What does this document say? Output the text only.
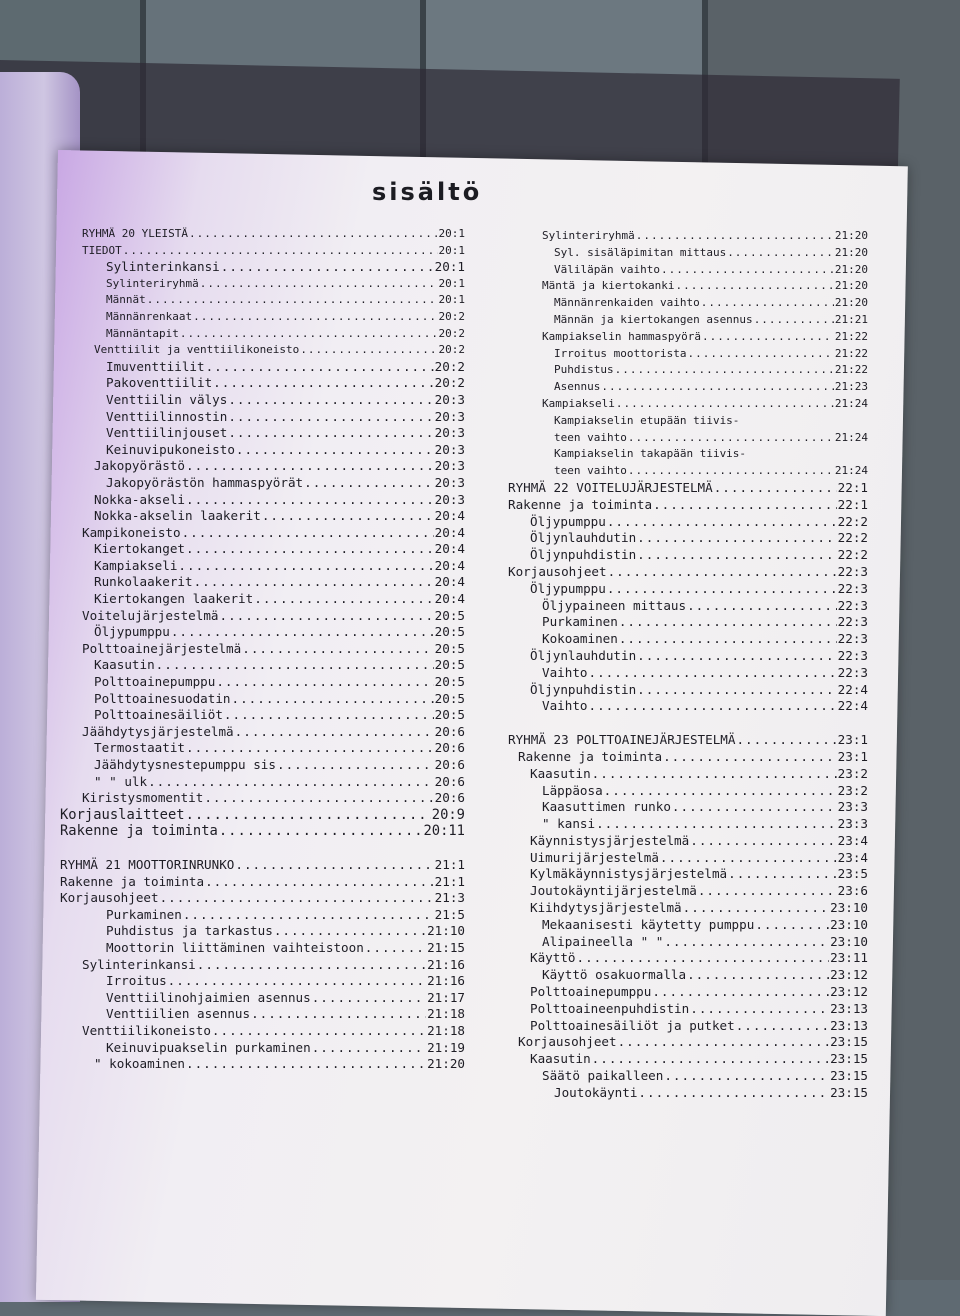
sisältö
RYHMÄ 20 YLEISTÄ .....	20:1
TIEDOT .....	20:1
Sylinterinkansi .....	20:1
Sylinteriryhmä .....	20:1
Männät .....	20:1
Männänrenkaat .....	20:2
Männäntapit .....	20:2
Venttiilit ja venttiilikoneisto .....	20:2
Imuventtiilit .....	20:2
Pakoventtiilit .....	20:2
Venttiilin välys .....	20:3
Venttiilinnostin .....	20:3
Venttiilinjouset .....	20:3
Keinuvipukoneisto .....	20:3
Jakopyörästö .....	20:3
Jakopyörästön hammaspyörät .....	20:3
Nokka-akseli .....	20:3
Nokka-akselin laakerit .....	20:4
Kampikoneisto .....	20:4
Kiertokanget .....	20:4
Kampiakseli .....	20:4
Runkolaakerit .....	20:4
Kiertokangen laakerit .....	20:4
Voitelujärjestelmä .....	20:5
Öljypumppu .....	20:5
Polttoainejärjestelmä .....	20:5
Kaasutin .....	20:5
Polttoainepumppu .....	20:5
Polttoainesuodatin .....	20:5
Polttoainesäiliöt .....	20:5
Jäähdytysjärjestelmä .....	20:6
Termostaatit .....	20:6
Jäähdytysnestepumppu sis .....	20:6
" " ulk .....	20:6
Kiristysmomentit .....	20:6
Korjauslaitteet .....	20:9
Rakenne ja toiminta .....	20:11
RYHMÄ 21 MOOTTORINRUNKO .....	21:1
Rakenne ja toiminta .....	21:1
Korjausohjeet .....	21:3
Purkaminen .....	21:5
Puhdistus ja tarkastus .....	21:10
Moottorin liittäminen vaihteistoon .....	21:15
Sylinterinkansi .....	21:16
Irroitus .....	21:16
Venttiilinohjaimien asennus .....	21:17
Venttiilien asennus .....	21:18
Venttiilikoneisto .....	21:18
Keinuvipuakselin purkaminen .....	21:19
" kokoaminen .....	21:20
Sylinteriryhmä .....	21:20
Syl. sisäläpimitan mittaus .....	21:20
Väliläpän vaihto .....	21:20
Mäntä ja kiertokanki .....	21:20
Männänrenkaiden vaihto .....	21:20
Männän ja kiertokangen asennus .....	21:21
Kampiakselin hammaspyörä .....	21:22
Irroitus moottorista .....	21:22
Puhdistus .....	21:22
Asennus .....	21:23
Kampiakseli .....	21:24
Kampiakselin etupään tiivis-
teen vaihto .....	21:24
Kampiakselin takapään tiivis-
teen vaihto .....	21:24
RYHMÄ 22 VOITELUJÄRJESTELMÄ .....	22:1
Rakenne ja toiminta .....	22:1
Öljypumppu .....	22:2
Öljynlauhdutin .....	22:2
Öljynpuhdistin .....	22:2
Korjausohjeet .....	22:3
Öljypumppu .....	22:3
Öljypaineen mittaus .....	22:3
Purkaminen .....	22:3
Kokoaminen .....	22:3
Öljynlauhdutin .....	22:3
Vaihto .....	22:3
Öljynpuhdistin .....	22:4
Vaihto .....	22:4
RYHMÄ 23 POLTTOAINEJÄRJESTELMÄ .....	23:1
Rakenne ja toiminta .....	23:1
Kaasutin .....	23:2
Läppäosa .....	23:2
Kaasuttimen runko .....	23:3
" kansi .....	23:3
Käynnistysjärjestelmä .....	23:4
Uimurijärjestelmä .....	23:4
Kylmäkäynnistysjärjestelmä .....	23:5
Joutokäyntijärjestelmä .....	23:6
Kiihdytysjärjestelmä .....	23:10
Mekaanisesti käytetty pumppu .....	23:10
Alipaineella " " .....	23:10
Käyttö .....	23:11
Käyttö osakuormalla .....	23:12
Polttoainepumppu .....	23:12
Polttoaineenpuhdistin .....	23:13
Polttoainesäiliöt ja putket .....	23:13
Korjausohjeet .....	23:15
Kaasutin .....	23:15
Säätö paikalleen .....	23:15
Joutokäynti .....	23:15
